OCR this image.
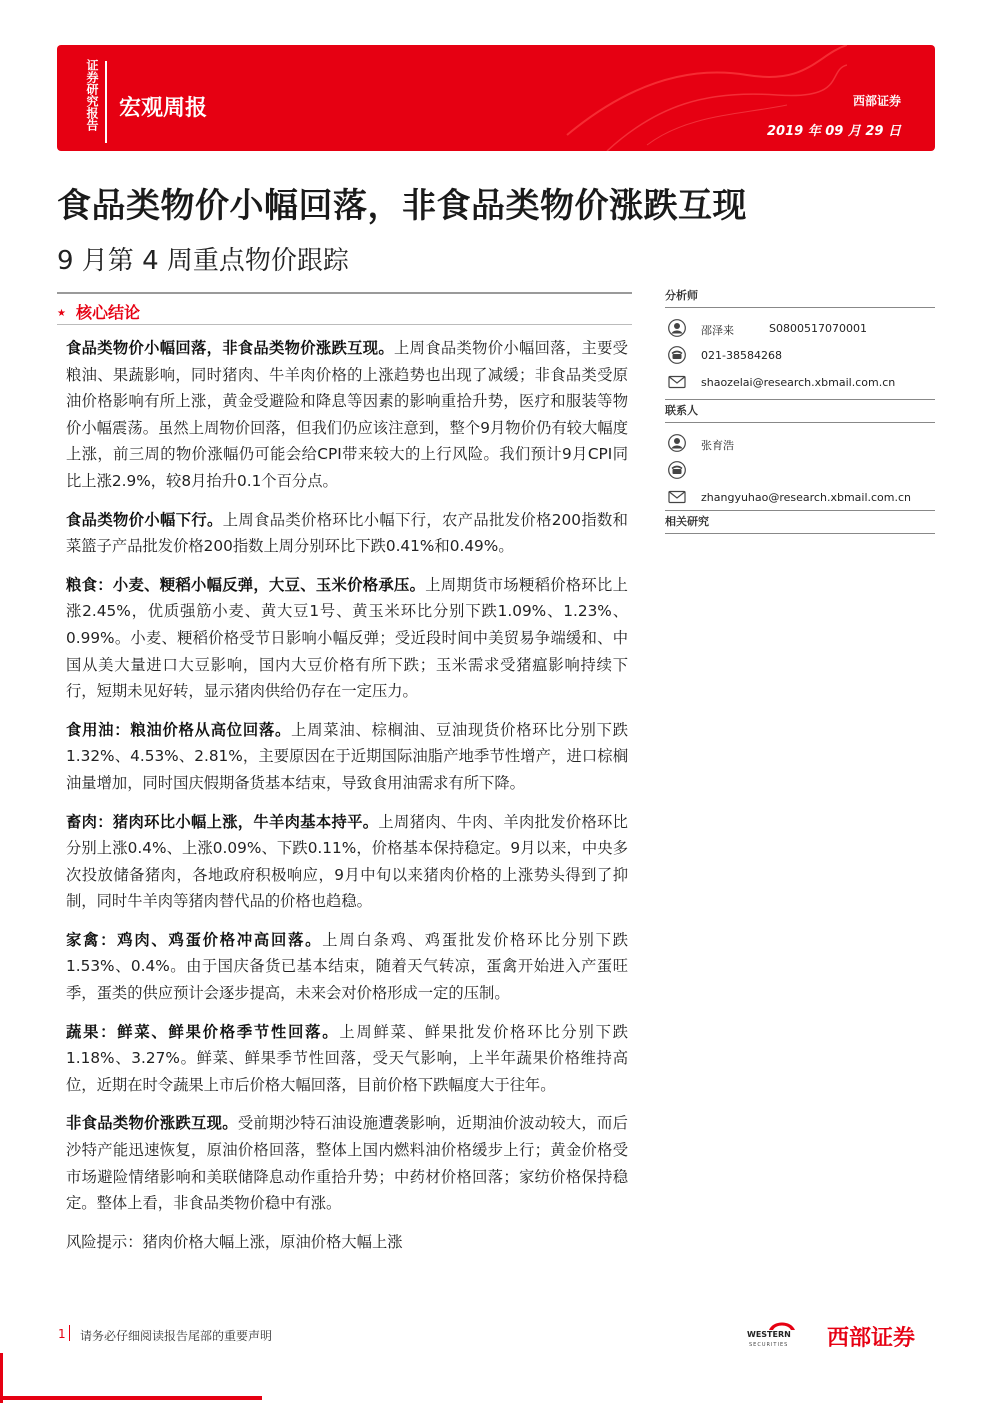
证券研究报告 宏观周报	西部证券
2019 年 09 月 29 日
食品类物价小幅回落，非食品类物价涨跌互现
9 月第 4 周重点物价跟踪
★ 核心结论

食品类物价小幅回落，非食品类物价涨跌互现。上周食品类物价小幅回落，主要受粮油、果蔬影响，同时猪肉、牛羊肉价格的上涨趋势也出现了减缓；非食品类受原油价格影响有所上涨，黄金受避险和降息等因素的影响重拾升势，医疗和服装等物价小幅震荡。虽然上周物价回落，但我们仍应该注意到，整个9月物价仍有较大幅度上涨，前三周的物价涨幅仍可能会给CPI带来较大的上行风险。我们预计9月CPI同比上涨2.9%，较8月抬升0.1个百分点。

食品类物价小幅下行。上周食品类价格环比小幅下行，农产品批发价格200指数和菜篮子产品批发价格200指数上周分别环比下跌0.41%和0.49%。

粮食：小麦、粳稻小幅反弹，大豆、玉米价格承压。上周期货市场粳稻价格环比上涨2.45%，优质强筋小麦、黄大豆1号、黄玉米环比分别下跌1.09%、1.23%、0.99%。小麦、粳稻价格受节日影响小幅反弹；受近段时间中美贸易争端缓和、中国从美大量进口大豆影响，国内大豆价格有所下跌；玉米需求受猪瘟影响持续下行，短期未见好转，显示猪肉供给仍存在一定压力。

食用油：粮油价格从高位回落。上周菜油、棕榈油、豆油现货价格环比分别下跌1.32%、4.53%、2.81%，主要原因在于近期国际油脂产地季节性增产，进口棕榈油量增加，同时国庆假期备货基本结束，导致食用油需求有所下降。

畜肉：猪肉环比小幅上涨，牛羊肉基本持平。上周猪肉、牛肉、羊肉批发价格环比分别上涨0.4%、上涨0.09%、下跌0.11%，价格基本保持稳定。9月以来，中央多次投放储备猪肉，各地政府积极响应，9月中旬以来猪肉价格的上涨势头得到了抑制，同时牛羊肉等猪肉替代品的价格也趋稳。

家禽：鸡肉、鸡蛋价格冲高回落。上周白条鸡、鸡蛋批发价格环比分别下跌1.53%、0.4%。由于国庆备货已基本结束，随着天气转凉，蛋禽开始进入产蛋旺季，蛋类的供应预计会逐步提高，未来会对价格形成一定的压制。

蔬果：鲜菜、鲜果价格季节性回落。上周鲜菜、鲜果批发价格环比分别下跌1.18%、3.27%。鲜菜、鲜果季节性回落，受天气影响，上半年蔬果价格维持高位，近期在时令蔬果上市后价格大幅回落，目前价格下跌幅度大于往年。

非食品类物价涨跌互现。受前期沙特石油设施遭袭影响，近期油价波动较大，而后沙特产能迅速恢复，原油价格回落，整体上国内燃料油价格缓步上行；黄金价格受市场避险情绪影响和美联储降息动作重拾升势；中药材价格回落；家纺价格保持稳定。整体上看，非食品类物价稳中有涨。

风险提示：猪肉价格大幅上涨，原油价格大幅上涨

分析师
邵泽来	S0800517070001
021-38584268
shaozelai@research.xbmail.com.cn
联系人
张育浩
zhangyuhao@research.xbmail.com.cn
相关研究
1 请务必仔细阅读报告尾部的重要声明	WESTERN
SECURITIES 西部证券
